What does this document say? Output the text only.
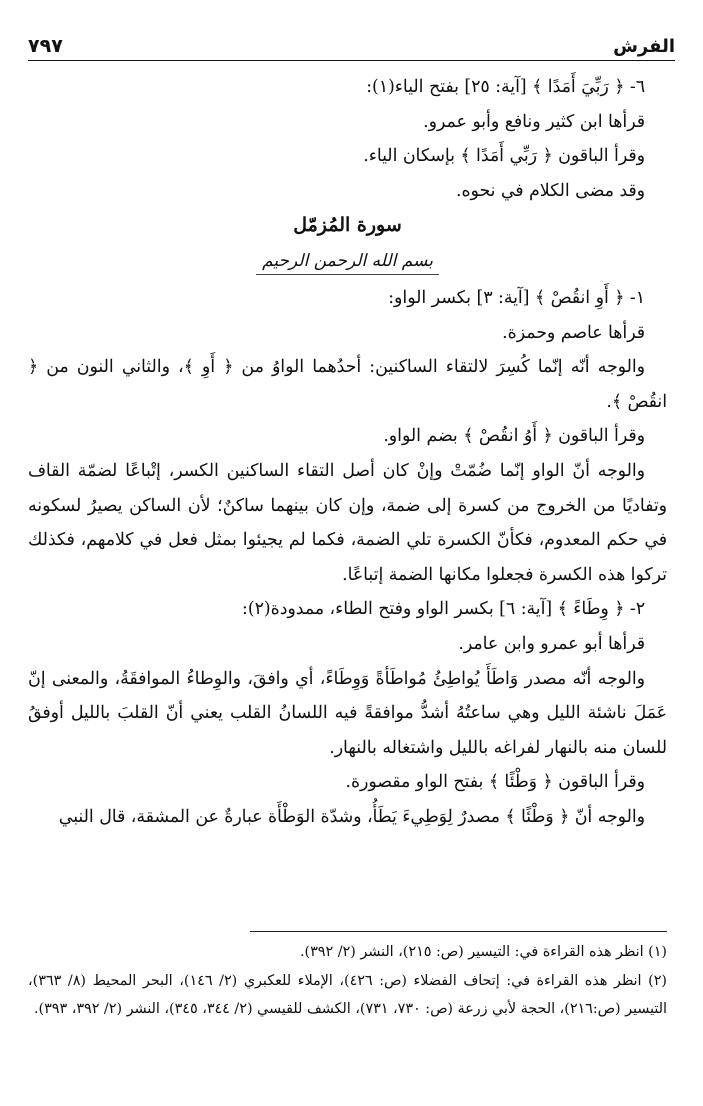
٧٩٧	الفرش

٦- ﴿ رَبِّيَ أَمَدًا ﴾ [آية: ٢٥] بفتح الياء(١):

قرأها ابن كثير ونافع وأبو عمرو.

وقرأ الباقون ﴿ رَبِّي أَمَدًا ﴾ بإسكان الياء.

وقد مضى الكلام في نحوه.

سورة المُزمّل

بسم الله الرحمن الرحيم

١- ﴿ أَوِ انقُصْ ﴾ [آية: ٣] بكسر الواو:

قرأها عاصم وحمزة.

والوجه أنّه إنّما كُسِرَ لالتقاء الساكنين: أحدُهما الواوُ من ﴿ أَوِ ﴾، والثاني النون من ﴿ انقُصْ ﴾.

وقرأ الباقون ﴿ أَوُ انقُصْ ﴾ بضم الواو.

والوجه أنّ الواو إنّما ضُمّتْ وإنْ كان أصل التقاء الساكنين الكسر، إتْباعًا لضمّة القاف وتفاديًا من الخروج من كسرة إلى ضمة، وإن كان بينهما ساكنٌ؛ لأن الساكن يصيرُ لسكونه في حكم المعدوم، فكأنّ الكسرة تلي الضمة، فكما لم يجيئوا بمثل فعل في كلامهم، فكذلك تركوا هذه الكسرة فجعلوا مكانها الضمة إتباعًا.

٢- ﴿ وِطَاءً ﴾ [آية: ٦] بكسر الواو وفتح الطاء، ممدودة(٢):

قرأها أبو عمرو وابن عامر.

والوجه أنّه مصدر وَاطَأَ يُواطِئُ مُواطَأةً وَوِطَاءً، أي وافقَ، والوِطاءُ الموافقَةُ، والمعنى إنّ عَمَلَ ناشئة الليل وهي ساعتُهُ أشدُّ موافقةً فيه اللسانُ القلب يعني أنّ القلبَ بالليل أوفقُ للسان منه بالنهار لفراغه بالليل واشتغاله بالنهار.

وقرأ الباقون ﴿ وَطْئًا ﴾ بفتح الواو مقصورة.

والوجه أنّ ﴿ وَطْئًا ﴾ مصدرٌ لِوَطِيءَ يَطَأُ، وشدّة الوَطْأَة عبارةٌ عن المشقة، قال النبي

(١) انظر هذه القراءة في: التيسير (ص: ٢١٥)، النشر (٢/ ٣٩٢).

(٢) انظر هذه القراءة في: إتحاف الفضلاء (ص: ٤٢٦)، الإملاء للعكبري (٢/ ١٤٦)، البحر المحيط (٨/ ٣٦٣)، التيسير (ص:٢١٦)، الحجة لأبي زرعة (ص: ٧٣٠، ٧٣١)، الكشف للقيسي (٢/ ٣٤٤، ٣٤٥)، النشر (٢/ ٣٩٢، ٣٩٣).
